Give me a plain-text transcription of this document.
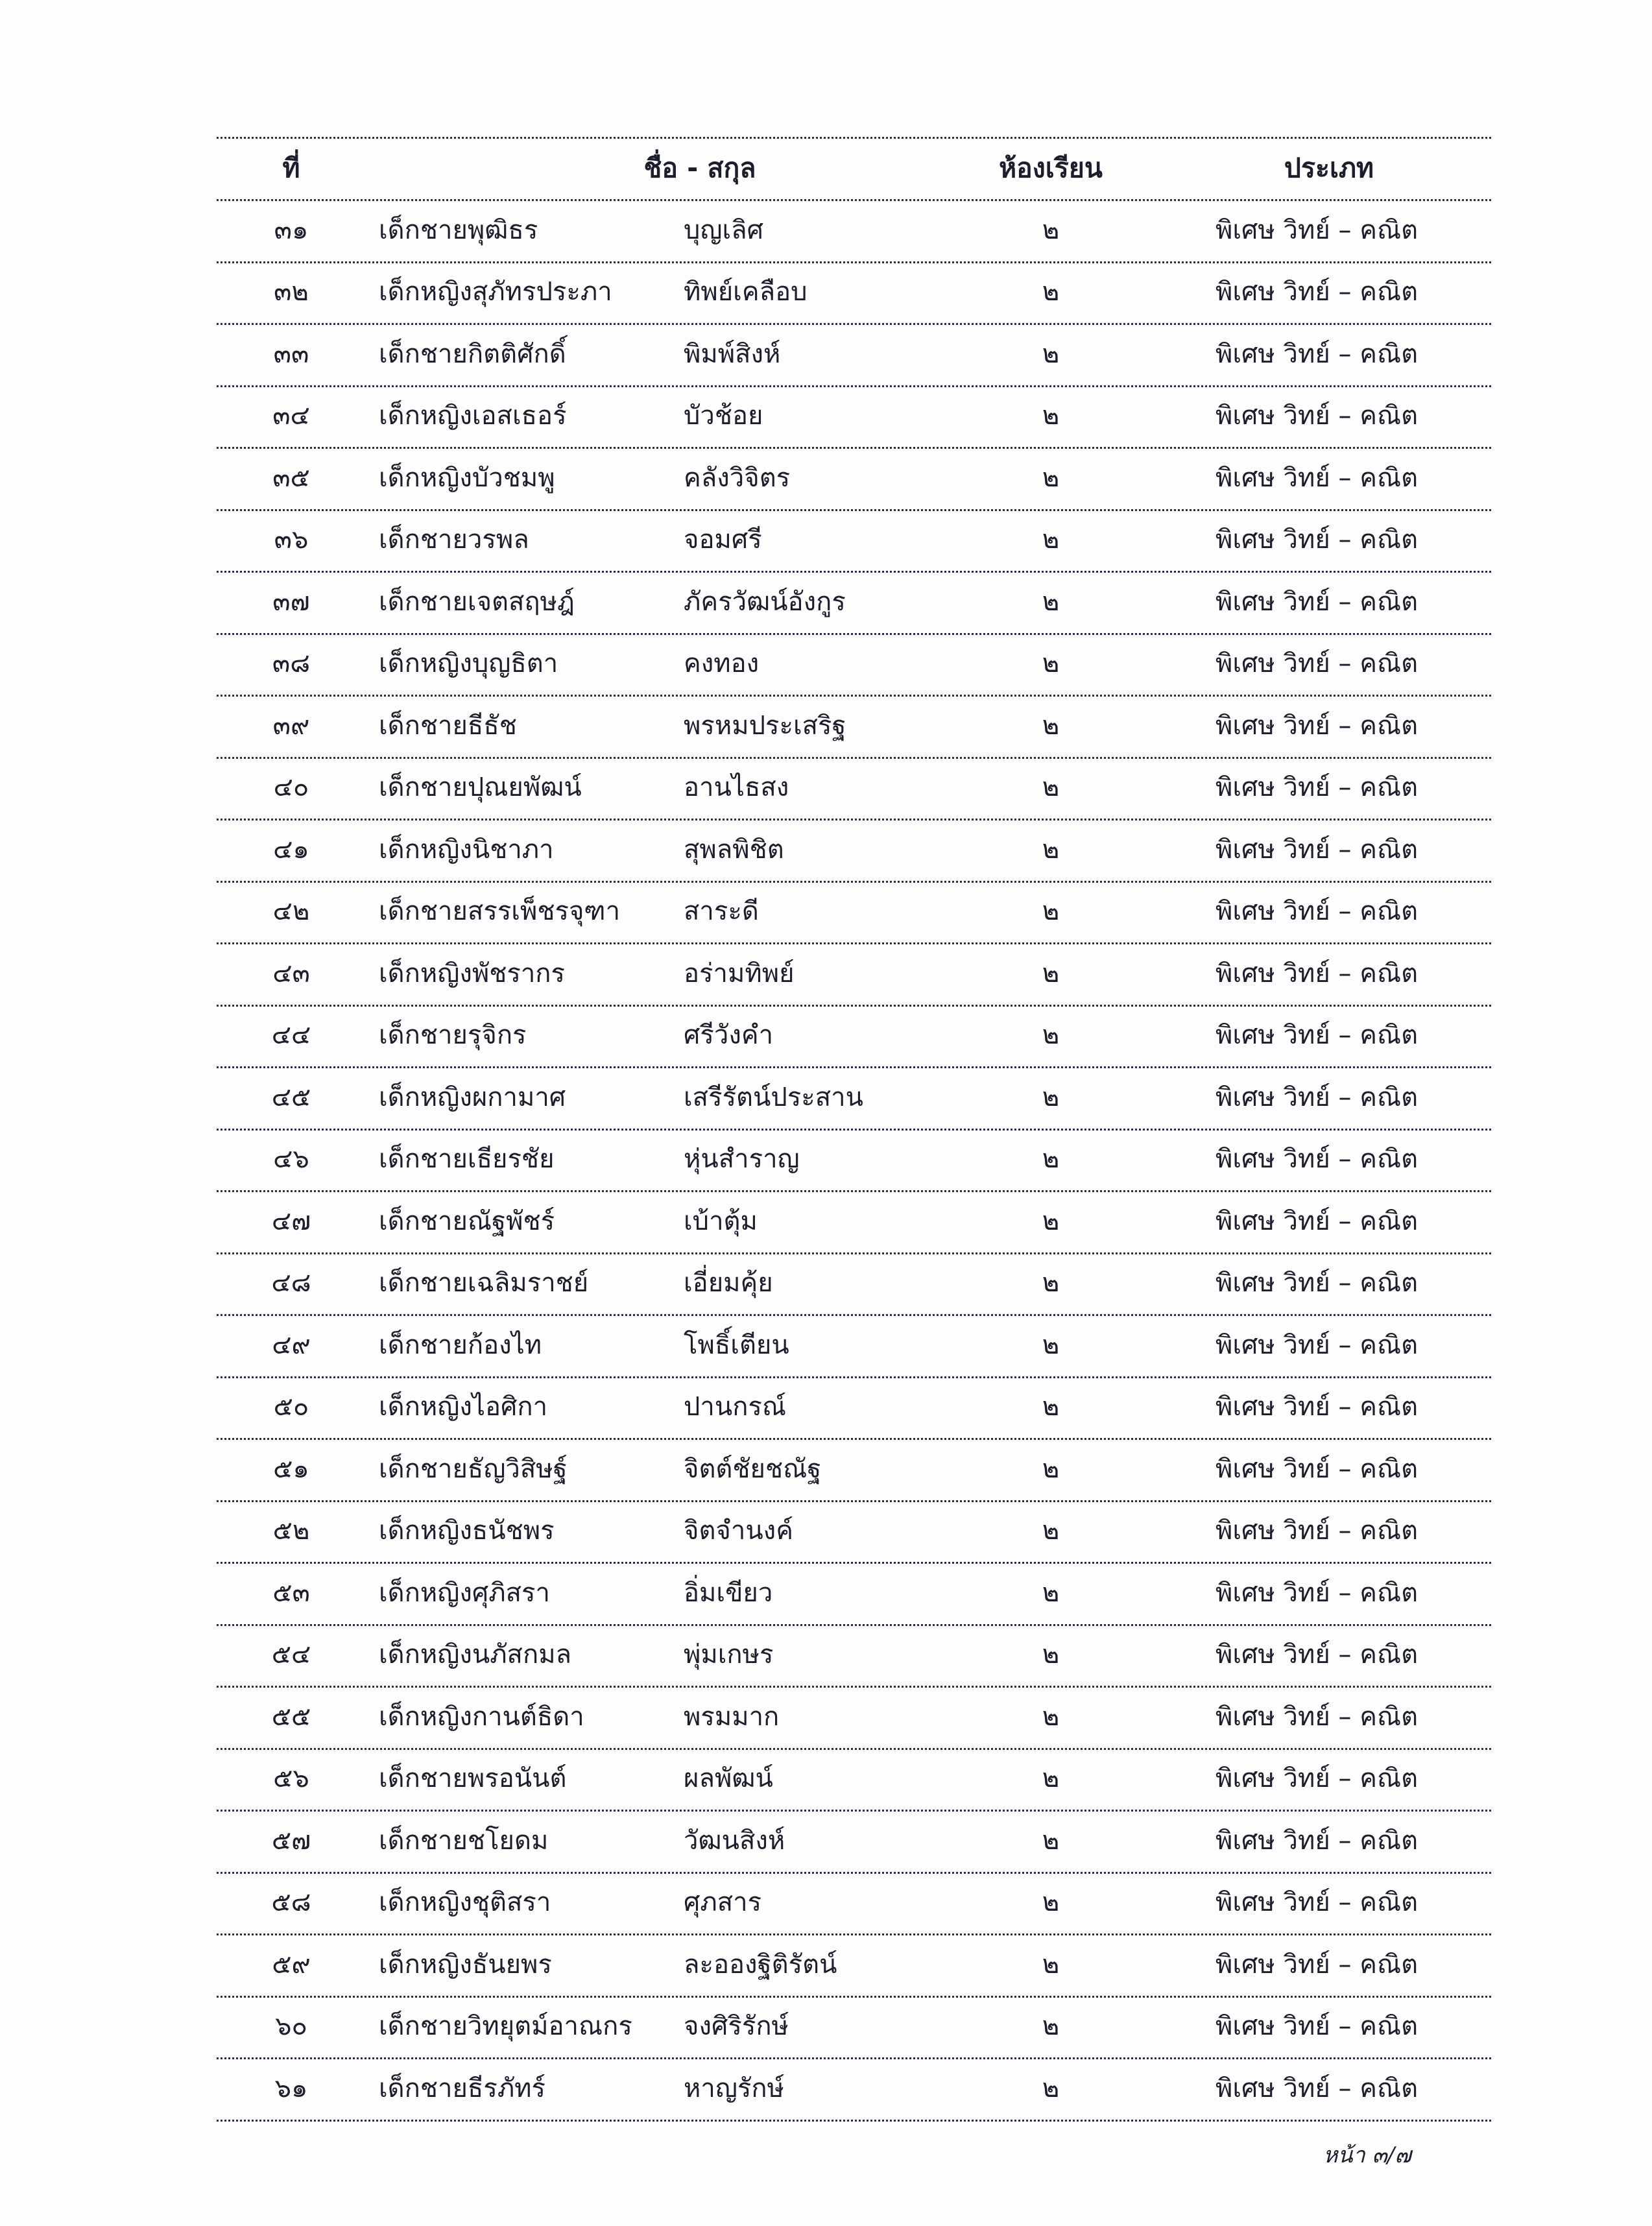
ที่	ชื่อ - สกุล	ห้องเรียน	ประเภท
๓๑	เด็กชายพุฒิธร	บุญเลิศ	๒	พิเศษ วิทย์ – คณิต
๓๒	เด็กหญิงสุภัทรประภา	ทิพย์เคลือบ	๒	พิเศษ วิทย์ – คณิต
๓๓	เด็กชายกิตติศักดิ์	พิมพ์สิงห์	๒	พิเศษ วิทย์ – คณิต
๓๔	เด็กหญิงเอสเธอร์	บัวช้อย	๒	พิเศษ วิทย์ – คณิต
๓๕	เด็กหญิงบัวชมพู	คลังวิจิตร	๒	พิเศษ วิทย์ – คณิต
๓๖	เด็กชายวรพล	จอมศรี	๒	พิเศษ วิทย์ – คณิต
๓๗	เด็กชายเจตสฤษฎ์	ภัครวัฒน์อังกูร	๒	พิเศษ วิทย์ – คณิต
๓๘	เด็กหญิงบุญธิตา	คงทอง	๒	พิเศษ วิทย์ – คณิต
๓๙	เด็กชายธีธัช	พรหมประเสริฐ	๒	พิเศษ วิทย์ – คณิต
๔๐	เด็กชายปุณยพัฒน์	อานไธสง	๒	พิเศษ วิทย์ – คณิต
๔๑	เด็กหญิงนิชาภา	สุพลพิชิต	๒	พิเศษ วิทย์ – คณิต
๔๒	เด็กชายสรรเพ็ชรจุฑา	สาระดี	๒	พิเศษ วิทย์ – คณิต
๔๓	เด็กหญิงพัชรากร	อร่ามทิพย์	๒	พิเศษ วิทย์ – คณิต
๔๔	เด็กชายรุจิกร	ศรีวังคำ	๒	พิเศษ วิทย์ – คณิต
๔๕	เด็กหญิงผกามาศ	เสรีรัตน์ประสาน	๒	พิเศษ วิทย์ – คณิต
๔๖	เด็กชายเธียรชัย	หุ่นสำราญ	๒	พิเศษ วิทย์ – คณิต
๔๗	เด็กชายณัฐพัชร์	เบ้าตุ้ม	๒	พิเศษ วิทย์ – คณิต
๔๘	เด็กชายเฉลิมราชย์	เอี่ยมคุ้ย	๒	พิเศษ วิทย์ – คณิต
๔๙	เด็กชายก้องไท	โพธิ์เตียน	๒	พิเศษ วิทย์ – คณิต
๕๐	เด็กหญิงไอศิกา	ปานกรณ์	๒	พิเศษ วิทย์ – คณิต
๕๑	เด็กชายธัญวิสิษฐ์	จิตต์ชัยชณัฐ	๒	พิเศษ วิทย์ – คณิต
๕๒	เด็กหญิงธนัชพร	จิตจำนงค์	๒	พิเศษ วิทย์ – คณิต
๕๓	เด็กหญิงศุภิสรา	อิ่มเขียว	๒	พิเศษ วิทย์ – คณิต
๕๔	เด็กหญิงนภัสกมล	พุ่มเกษร	๒	พิเศษ วิทย์ – คณิต
๕๕	เด็กหญิงกานต์ธิดา	พรมมาก	๒	พิเศษ วิทย์ – คณิต
๕๖	เด็กชายพรอนันต์	ผลพัฒน์	๒	พิเศษ วิทย์ – คณิต
๕๗	เด็กชายชโยดม	วัฒนสิงห์	๒	พิเศษ วิทย์ – คณิต
๕๘	เด็กหญิงชุติสรา	ศุภสาร	๒	พิเศษ วิทย์ – คณิต
๕๙	เด็กหญิงธันยพร	ละอองฐิติรัตน์	๒	พิเศษ วิทย์ – คณิต
๖๐	เด็กชายวิทยุตม์อาณกร	จงศิริรักษ์	๒	พิเศษ วิทย์ – คณิต
๖๑	เด็กชายธีรภัทร์	หาญรักษ์	๒	พิเศษ วิทย์ – คณิต
หน้า ๓/๗
